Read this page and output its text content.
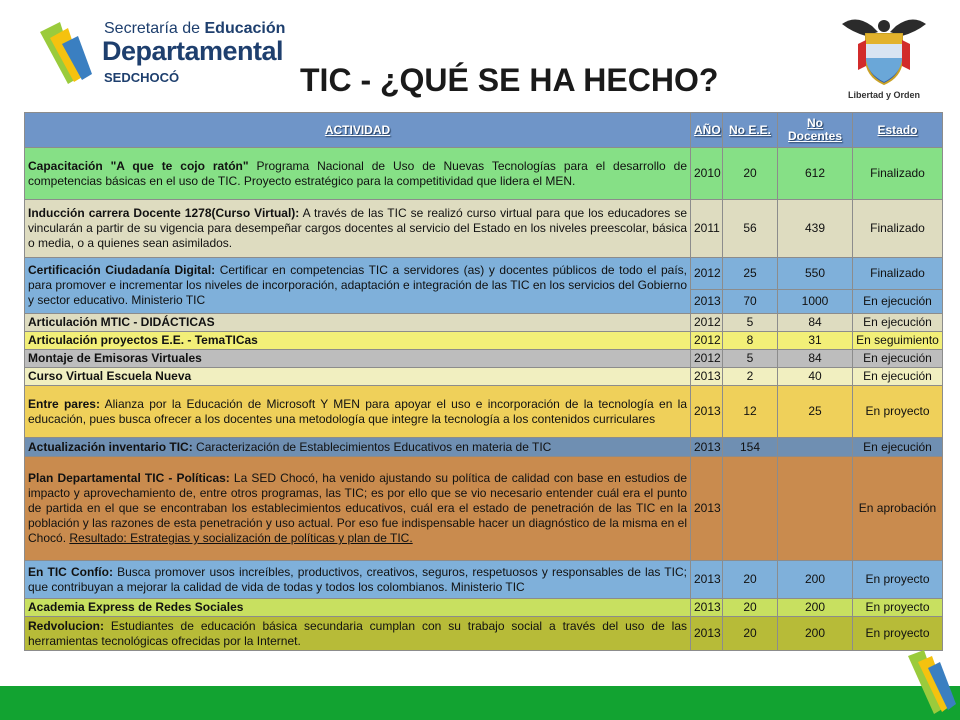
Secretaría de Educación
Departamental
SEDCHOCÓ	TIC - ¿QUÉ SE HA HECHO?	Libertad y Orden
ACTIVIDAD	AÑO	No E.E.	No Docentes	Estado
Capacitación "A que te cojo ratón" Programa Nacional de Uso de Nuevas Tecnologías para el desarrollo de competencias básicas en el uso de TIC. Proyecto estratégico para la competitividad que lidera el MEN.	2010	20	612	Finalizado
Inducción carrera Docente 1278(Curso Virtual): A través de las TIC se realizó curso virtual para que los educadores se vincularán a partir de su vigencia para desempeñar cargos docentes al servicio del Estado en los niveles preescolar, básica o media, o a quienes sean asimilados.	2011	56	439	Finalizado
Certificación Ciudadanía Digital: Certificar en competencias TIC a servidores (as) y docentes públicos de todo el país, para promover e incrementar los niveles de incorporación, adaptación e integración de las TIC en los servicios del Gobierno y sector educativo. Ministerio TIC	2012	25	550	Finalizado
	2013	70	1000	En ejecución
Articulación MTIC - DIDÁCTICAS	2012	5	84	En ejecución
Articulación proyectos E.E. - TemaTICas	2012	8	31	En seguimiento
Montaje de Emisoras Virtuales	2012	5	84	En ejecución
Curso Virtual Escuela Nueva	2013	2	40	En ejecución
Entre pares: Alianza por la Educación de Microsoft Y MEN para apoyar el uso e incorporación de la tecnología en la educación, pues busca ofrecer a los docentes una metodología que integre la tecnología a los contenidos curriculares	2013	12	25	En proyecto
Actualización inventario TIC: Caracterización de Establecimientos Educativos en materia de TIC	2013	154		En ejecución
Plan Departamental TIC - Políticas: La SED Chocó, ha venido ajustando su política de calidad con base en estudios de impacto y aprovechamiento de, entre otros programas, las TIC; es por ello que se vio necesario entender cuál era el punto de partida en el que se encontraban los establecimientos educativos, cuál era el estado de penetración de las TIC en la población y las razones de esta penetración y uso actual. Por eso fue indispensable hacer un diagnóstico de la misma en el Chocó. Resultado: Estrategias y socialización de políticas y plan de TIC.	2013			En aprobación
En TIC Confío: Busca promover usos increíbles, productivos, creativos, seguros, respetuosos y responsables de las TIC; que contribuyan a mejorar la calidad de vida de todas y todos los colombianos. Ministerio TIC	2013	20	200	En proyecto
Academia Express de Redes Sociales	2013	20	200	En proyecto
Redvolucion: Estudiantes de educación básica secundaria cumplan con su trabajo social a través del uso de las herramientas tecnológicas ofrecidas por la Internet.	2013	20	200	En proyecto
